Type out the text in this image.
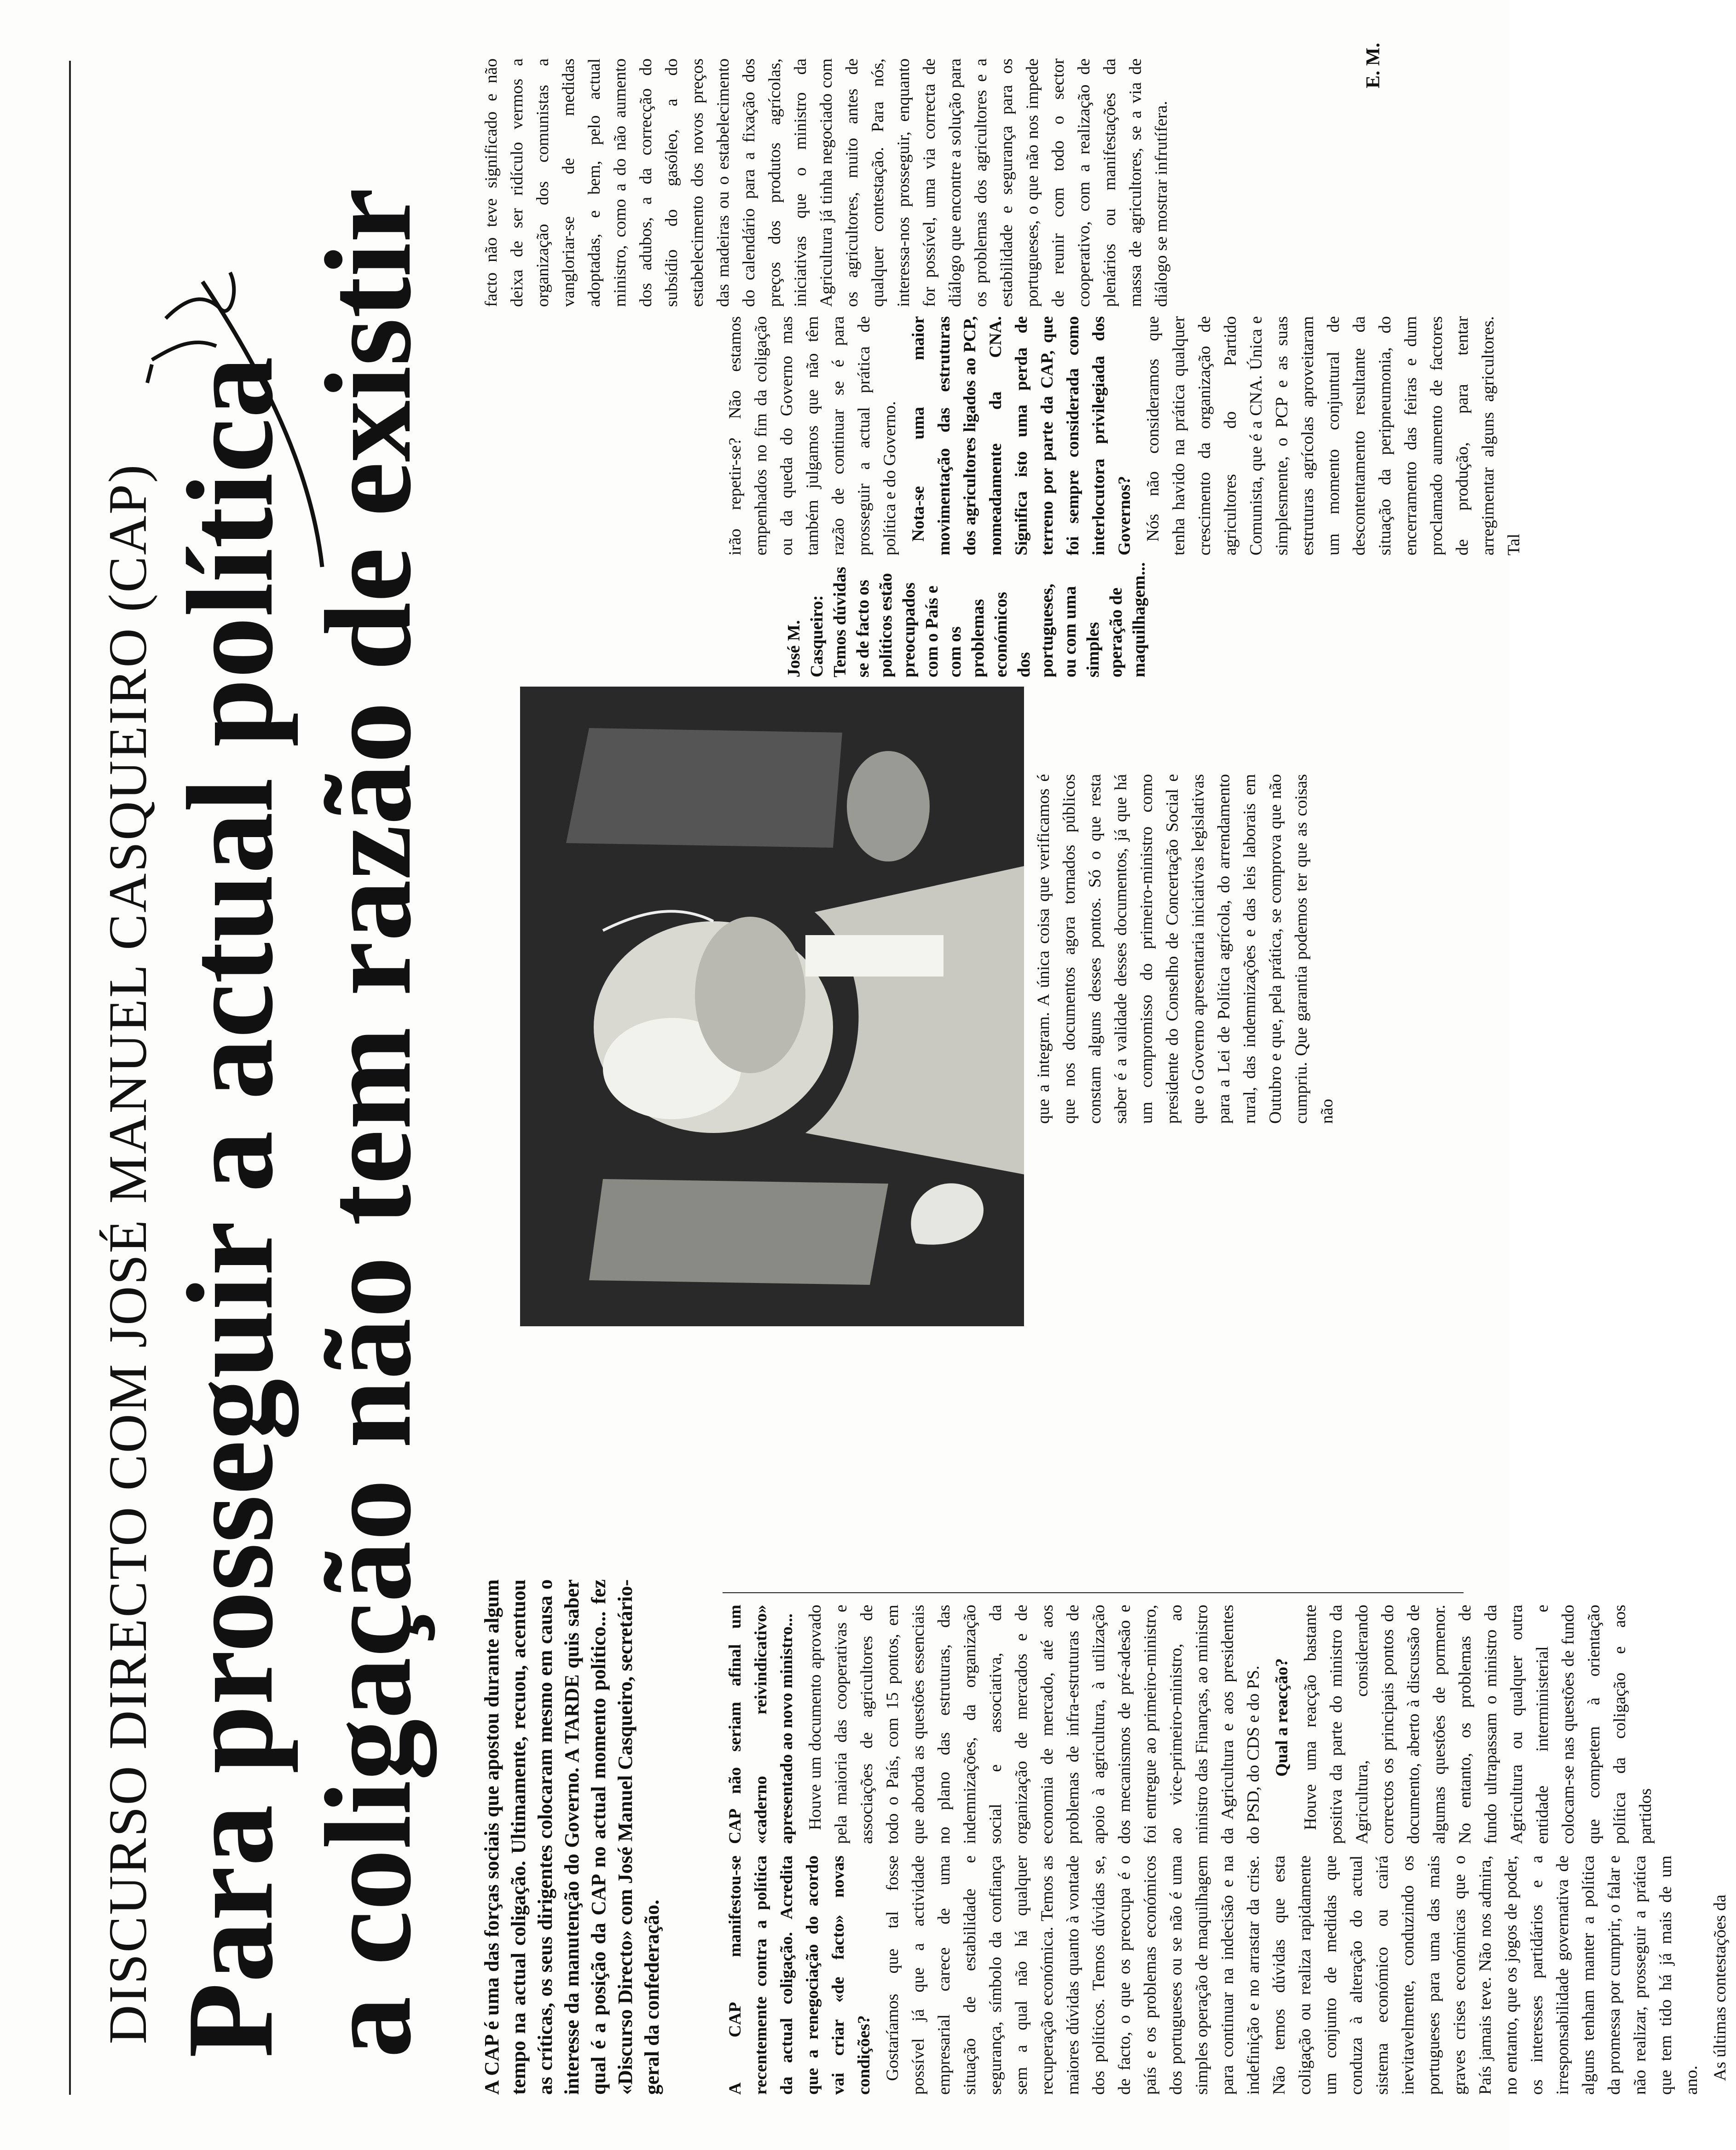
DISCURSO DIRECTO COM JOSÉ MANUEL CASQUEIRO (CAP) Para prosseguir a actual política a coligação não tem razão de existir A CAP é uma das forças sociais que apostou durante algum tempo na actual coligação. Ultimamente, recuou, acentuou as críticas, os seus dirigentes colocaram mesmo em causa o interesse da manutenção do Governo. A TARDE quis saber qual é a posição da CAP no actual momento político... fez «Discurso Directo» com José Manuel Casqueiro, secretário-geral da confederação.	A CAP manifestou-se recentemente contra a política da actual coligação. Acredita que a renegociação do acordo vai criar «de facto» novas condições? Gostaríamos que tal fosse possível já que a actividade empresarial carece de uma situação de estabilidade e segurança, símbolo da confiança sem a qual não há qualquer recuperação económica. Temos as maiores dúvidas quanto à vontade dos políticos. Temos dúvidas se, de facto, o que os preocupa é o país e os problemas económicos dos portugueses ou se não é uma simples operação de maquilhagem para continuar na indecisão e na indefinição e no arrastar da crise. Não temos dúvidas que esta coligação ou realiza rapidamente um conjunto de medidas que conduza à alteração do actual sistema económico ou cairá inevitavelmente, conduzindo os portugueses para uma das mais graves crises económicas que o País jamais teve. Não nos admira, no entanto, que os jogos de poder, os interesses partidários e a irresponsabilidade governativa de alguns tenham manter a política da promessa por cumprir, o falar e não realizar, prosseguir a prática que tem tido há já mais de um ano. As últimas contestações da

CAP não seriam afinal um «caderno reivindicativo» apresentado ao novo ministro... Houve um documento aprovado pela maioria das cooperativas e associações de agricultores de todo o País, com 15 pontos, em que aborda as questões essenciais no plano das estruturas, das indemnizações, da organização social e associativa, da organização de mercados e de economia de mercado, até aos problemas de infra-estruturas de apoio à agricultura, à utilização dos mecanismos de pré-adesão e foi entregue ao primeiro-ministro, ao vice-primeiro-ministro, ao ministro das Finanças, ao ministro da Agricultura e aos presidentes do PSD, do CDS e do PS. Qual a reacção? Houve uma reacção bastante positiva da parte do ministro da Agricultura, considerando correctos os principais pontos do documento, aberto à discussão de algumas questões de pormenor. No entanto, os problemas de fundo ultrapassam o ministro da Agricultura ou qualquer outra entidade interministerial e colocam-se nas questões de fundo que competem à orientação política da coligação e aos partidos

José M. Casqueiro: Temos dúvidas se de facto os políticos estão preocupados com o País e com os problemas económicos dos portugueses, ou com uma simples operação de maquilhagem...

que a integram. A única coisa que verificamos é que nos documentos agora tornados públicos constam alguns desses pontos. Só o que resta saber é a validade desses documentos, já que há um compromisso do primeiro-ministro como presidente do Conselho de Concertação Social e que o Governo apresentaria iniciativas legislativas para a Lei de Política agrícola, do arrendamento rural, das indemnizações e das leis laborais em Outubro e que, pela prática, se comprova que não cumpriu. Que garantia podemos ter que as coisas não

irão repetir-se? Não estamos empenhados no fim da coligação ou da queda do Governo mas também julgamos que não têm razão de continuar se é para prosseguir a actual prática de política e do Governo. Nota-se uma maior movimentação das estruturas dos agricultores ligados ao PCP, nomeadamente da CNA. Significa isto uma perda de terreno por parte da CAP, que foi sempre considerada como interlocutora privilegiada dos Governos? Nós não consideramos que tenha havido na prática qualquer crescimento da organização de agricultores do Partido Comunista, que é a CNA. Única e simplesmente, o PCP e as suas estruturas agrícolas aproveitaram um momento conjuntural de descontentamento resultante da situação da peripneumonia, do encerramento das feiras e dum proclamado aumento de factores de produção, para tentar arregimentar alguns agricultores. Tal

facto não teve significado e não deixa de ser ridículo vermos a organização dos comunistas a vangloriar-se de medidas adoptadas, e bem, pelo actual ministro, como a do não aumento dos adubos, a da correcção do subsídio do gasóleo, a do estabelecimento dos novos preços das madeiras ou o estabelecimento do calendário para a fixação dos preços dos produtos agrícolas, iniciativas que o ministro da Agricultura já tinha negociado com os agricultores, muito antes de qualquer contestação. Para nós, interessa-nos prosseguir, enquanto for possível, uma via correcta de diálogo que encontre a solução para os problemas dos agricultores e a estabilidade e segurança para os portugueses, o que não nos impede de reunir com todo o sector cooperativo, com a realização de plenários ou manifestações da massa de agricultores, se a via de diálogo se mostrar infrutífera.

E. M.
